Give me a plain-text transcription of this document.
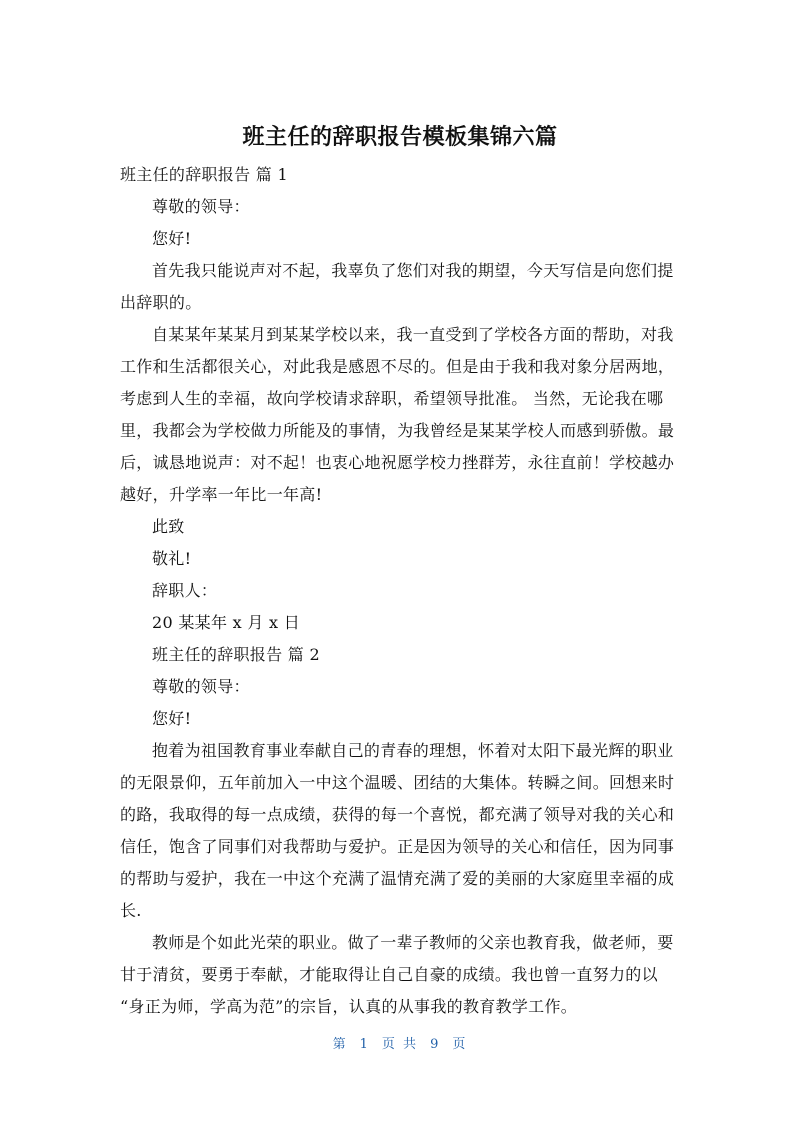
班主任的辞职报告模板集锦六篇
班主任的辞职报告 篇 1
尊敬的领导：
您好!
首先我只能说声对不起，我辜负了您们对我的期望，今天写信是向您们提
出辞职的。
自某某年某某月到某某学校以来，我一直受到了学校各方面的帮助，对我
工作和生活都很关心，对此我是感恩不尽的。但是由于我和我对象分居两地，
考虑到人生的幸福，故向学校请求辞职，希望领导批准。 当然，无论我在哪
里，我都会为学校做力所能及的事情，为我曾经是某某学校人而感到骄傲。最
后，诚恳地说声：对不起！也衷心地祝愿学校力挫群芳，永往直前！学校越办
越好，升学率一年比一年高!
此致
敬礼!
辞职人：
20 某某年 x 月 x 日
班主任的辞职报告 篇 2
尊敬的领导：
您好!
抱着为祖国教育事业奉献自己的青春的理想，怀着对太阳下最光辉的职业
的无限景仰，五年前加入一中这个温暖、团结的大集体。转瞬之间。回想来时
的路，我取得的每一点成绩，获得的每一个喜悦，都充满了领导对我的关心和
信任，饱含了同事们对我帮助与爱护。正是因为领导的关心和信任，因为同事
的帮助与爱护，我在一中这个充满了温情充满了爱的美丽的大家庭里幸福的成
长.
教师是个如此光荣的职业。做了一辈子教师的父亲也教育我，做老师，要
甘于清贫，要勇于奉献，才能取得让自己自豪的成绩。我也曾一直努力的以
“身正为师，学高为范”的宗旨，认真的从事我的教育教学工作。
第 1 页 共 9 页
